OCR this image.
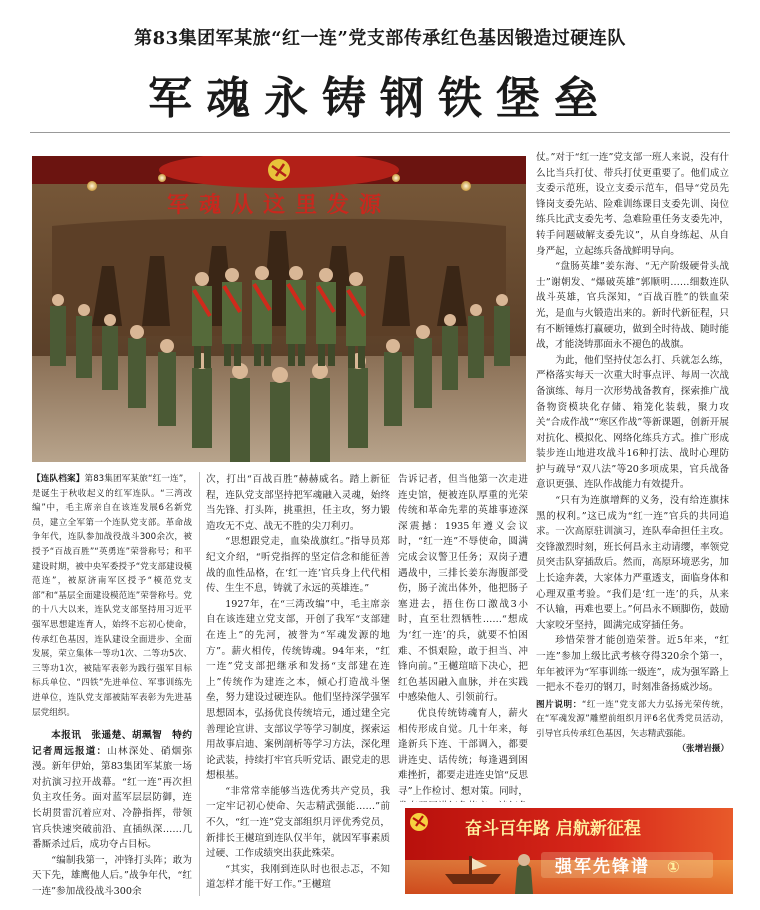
第83集团军某旅“红一连”党支部传承红色基因锻造过硬连队
军魂永铸钢铁堡垒
军魂从这里发源

仗。”对于“红一连”党支部一班人来说，没有什么比当兵打仗、带兵打仗更重要了。他们成立支委示范班，设立支委示范车，倡导“党员先锋岗支委先站、险难训练课目支委先训、岗位练兵比武支委先考、急难险重任务支委先冲，转手问题破解支委先议”，从自身练起、从自身严起，立起练兵备战鲜明导向。

“盘肠英雄”姜东海、“无产阶级硬骨头战士”谢朝发、“爆破英雄”郭顺明……细数连队战斗英雄，官兵深知，“百战百胜”的铁血荣光，是血与火锻造出来的。新时代新征程，只有不断锤炼打赢硬功，做到全时待战、随时能战，才能浇铸那面永不褪色的战旗。

为此，他们坚持仗怎么打、兵就怎么练，严格落实每天一次重大时事点评、每周一次战备演练、每月一次形势战备教育，探索推广战备物资模块化存储、箱笼化装载，聚力攻关“合成作战”“寒区作战”等新课题，创新开展对抗化、模拟化、网络化练兵方式。推广形成装步连山地进攻战斗16种打法、战时心理防护与疏导“双八法”等20多项成果，官兵战备意识更强、连队作战能力有效提升。

“只有为连旗增辉的义务，没有给连旗抹黑的权利。”这已成为“红一连”官兵的共同追求。一次高原驻训演习，连队奉命担任主攻。交锋激烈时刻，班长何昌永主动请缨，率领党员突击队穿插敌后。然而，高原环境恶劣，加上长途奔袭，大家体力严重透支，面临身体和心理双重考验。“我们是‘红一连’的兵，从来不认输，再难也要上。”何昌永不顾脚伤，鼓励大家咬牙坚持，圆满完成穿插任务。

珍惜荣誉才能创造荣誉。近5年来，“红一连”参加上级比武考核夺得320余个第一，年年被评为“军事训练一级连”，成为强军路上一把永不卷刃的钢刀，时刻准备扬威沙场。

图片说明：“红一连”党支部大力弘扬光荣传统，在“军魂发源”雕塑前组织月评6名优秀党员活动，引导官兵传承红色基因，矢志精武强能。
（张增岩摄）
【连队档案】第83集团军某旅“红一连”，是诞生于秋收起义的红军连队。“三湾改编”中，毛主席亲自在该连发展6名新党员，建立全军第一个连队党支部。革命战争年代，连队参加战役战斗300余次，被授予“百战百胜”“英勇连”荣誉称号；和平建设时期，被中央军委授予“党支部建设模范连”，被原济南军区授予“模范党支部”和“基层全面建设模范连”荣誉称号。党的十八大以来，连队党支部坚持用习近平强军思想建连育人，始终不忘初心使命，传承红色基因，连队建设全面进步、全面发展，荣立集体一等功1次、二等功5次、三等功1次，被陆军表彰为践行强军目标标兵单位、“四铁”先进单位、军事训练先进单位，连队党支部被陆军表彰为先进基层党组织。

本报讯　张遥楚、胡珮智　特约记者周远报道：山林深处、硝烟弥漫。新年伊始，第83集团军某旅一场对抗演习拉开战幕。“红一连”再次担负主攻任务。面对蓝军层层防御，连长胡贯雷沉着应对、冷静指挥，带领官兵快速突破前沿、直插纵深……几番厮杀过后，成功夺占目标。

“编制我第一，冲锋打头阵；敢为天下先，雄鹰他人后。”战争年代，“红一连”参加战役战斗300余

次，打出“百战百胜”赫赫威名。踏上新征程，连队党支部坚持把军魂融入灵魂，始终当先锋、打头阵，挑重担，任主攻，努力锻造攻无不克、战无不胜的尖刀利刃。

“思想跟党走，血染战旗红。”指导员郑纪文介绍，“听党指挥的坚定信念和能征善战的血性品格，在‘红一连’官兵身上代代相传、生生不息，铸就了永远的英雄连。”

1927年，在“三湾改编”中，毛主席亲自在该连建立党支部，开创了我军“支部建在连上”的先河，被誉为“军魂发源的地方”。薪火相传，传统铸魂。94年来，“红一连”党支部把继承和发扬“支部建在连上”传统作为建连之本，倾心打造战斗堡垒，努力建设过硬连队。他们坚持深学强军思想固本，弘扬优良传统培元，通过建全完善理论宣讲、支部议学等学习制度，探索运用故事启迪、案例剖析等学习方法，深化理论武装，持续打牢官兵听党话、跟党走的思想根基。

“非常常幸能够当选优秀共产党员，我一定牢记初心使命、矢志精武强能……”前不久，“红一连”党支部组织月评优秀党员，新排长王樾瑄到连队仅半年，就因军事素质过硬、工作成绩突出获此殊荣。

“其实，我刚到连队时也很忐忑，不知道怎样才能干好工作。”王樾瑄

告诉记者，但当他第一次走进连史馆，便被连队厚重的光荣传统和革命先辈的英雄事迹深深震撼：1935年遵义会议时，“红一连”不辱使命，圆满完成会议警卫任务；双岗子遭遇战中，三排长姜东海腹部受伤，肠子流出体外，他把肠子塞进去，捂住伤口激战3小时，直至壮烈牺牲……“想成为‘红一连’的兵，就要不怕困难、不惧艰险，敢于担当、冲锋向前。”王樾瑄暗下决心，把红色基因融入血脉，并在实践中感染他人、引领前行。

优良传统铸魂育人，薪火相传形成自觉。几十年来，每逢新兵下连、干部调入，都要讲连史、话传统；每逢遇到困难挫折，都要走进连史馆“反思寻”上作检讨、想对策。同时，

奋斗百年路 启航新征程
强军先锋谱 ①
